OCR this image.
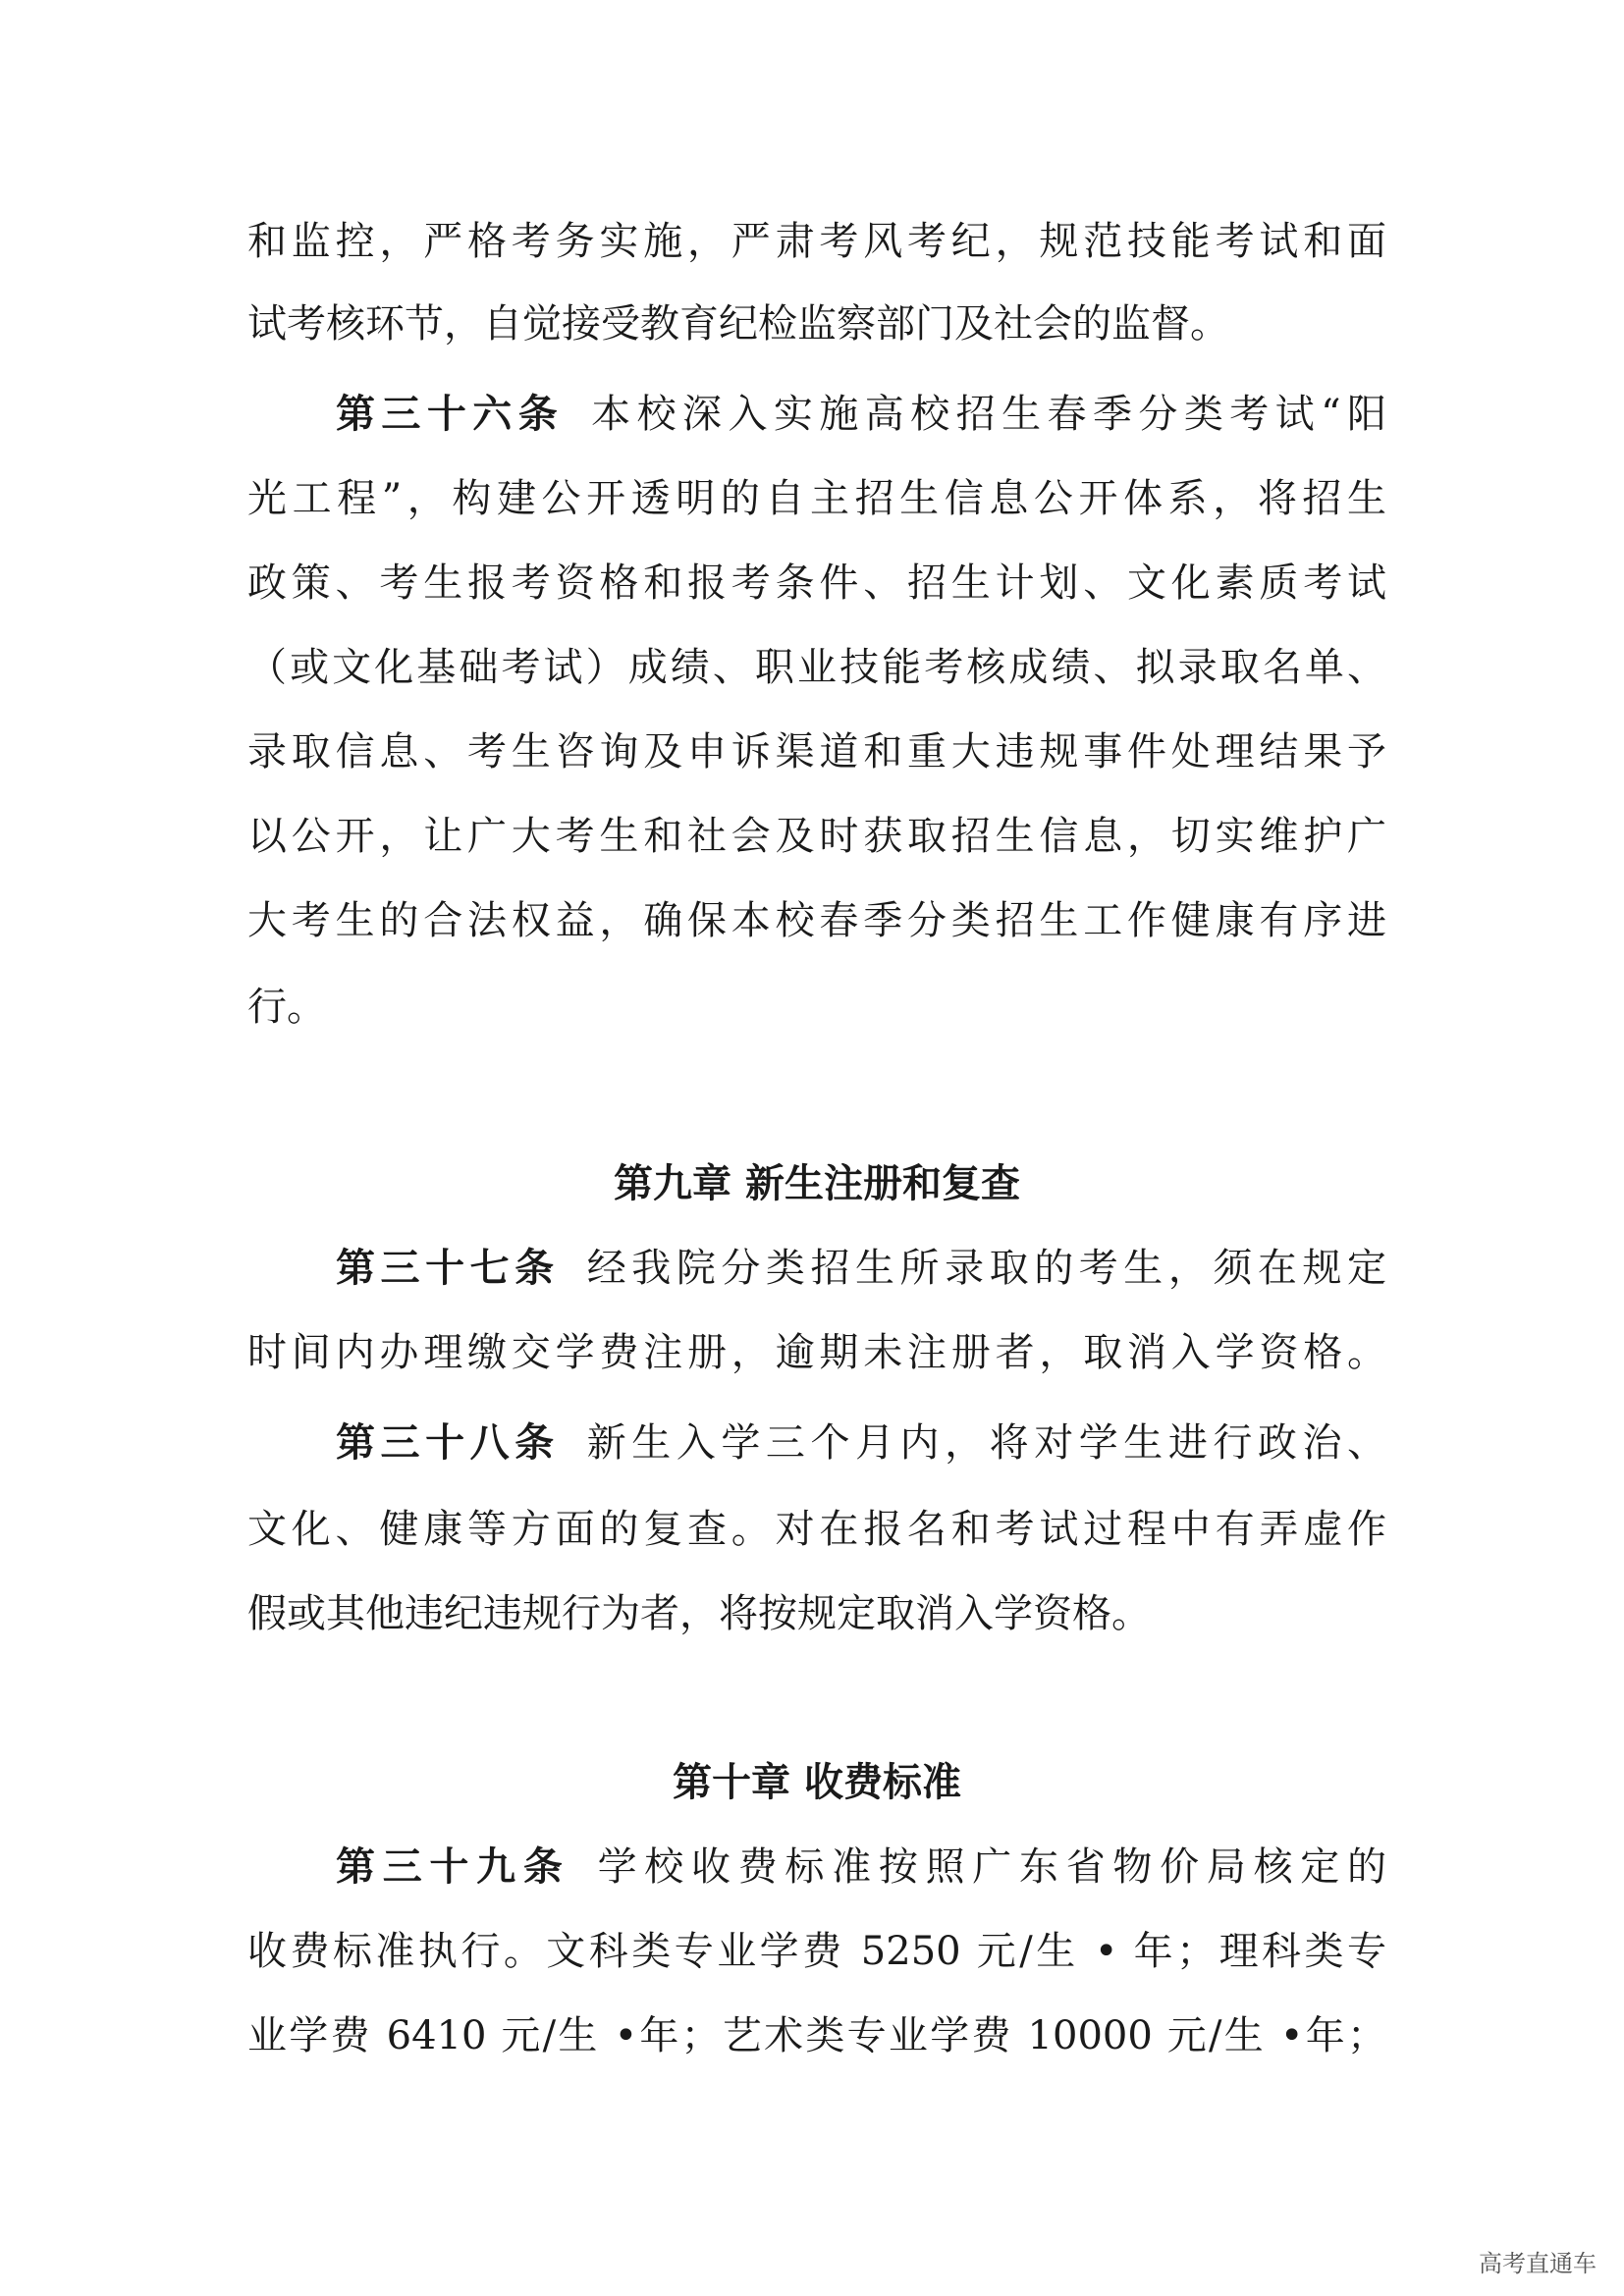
和监控，严格考务实施，严肃考风考纪，规范技能考试和面
试考核环节，自觉接受教育纪检监察部门及社会的监督。
第三十六条 本校深入实施高校招生春季分类考试“阳
光工程”，构建公开透明的自主招生信息公开体系，将招生
政策、考生报考资格和报考条件、招生计划、文化素质考试
（或文化基础考试）成绩、职业技能考核成绩、拟录取名单、
录取信息、考生咨询及申诉渠道和重大违规事件处理结果予
以公开，让广大考生和社会及时获取招生信息，切实维护广
大考生的合法权益，确保本校春季分类招生工作健康有序进
行。
第九章 新生注册和复查
第三十七条 经我院分类招生所录取的考生，须在规定
时间内办理缴交学费注册，逾期未注册者，取消入学资格。
第三十八条 新生入学三个月内，将对学生进行政治、
文化、健康等方面的复查。对在报名和考试过程中有弄虚作
假或其他违纪违规行为者，将按规定取消入学资格。
第十章 收费标准
第三十九条 学校收费标准按照广东省物价局核定的
收费标准执行。文科类专业学费 5250 元/生 • 年；理科类专
业学费 6410 元/生 •年；艺术类专业学费 10000 元/生 •年；
高考直通车
